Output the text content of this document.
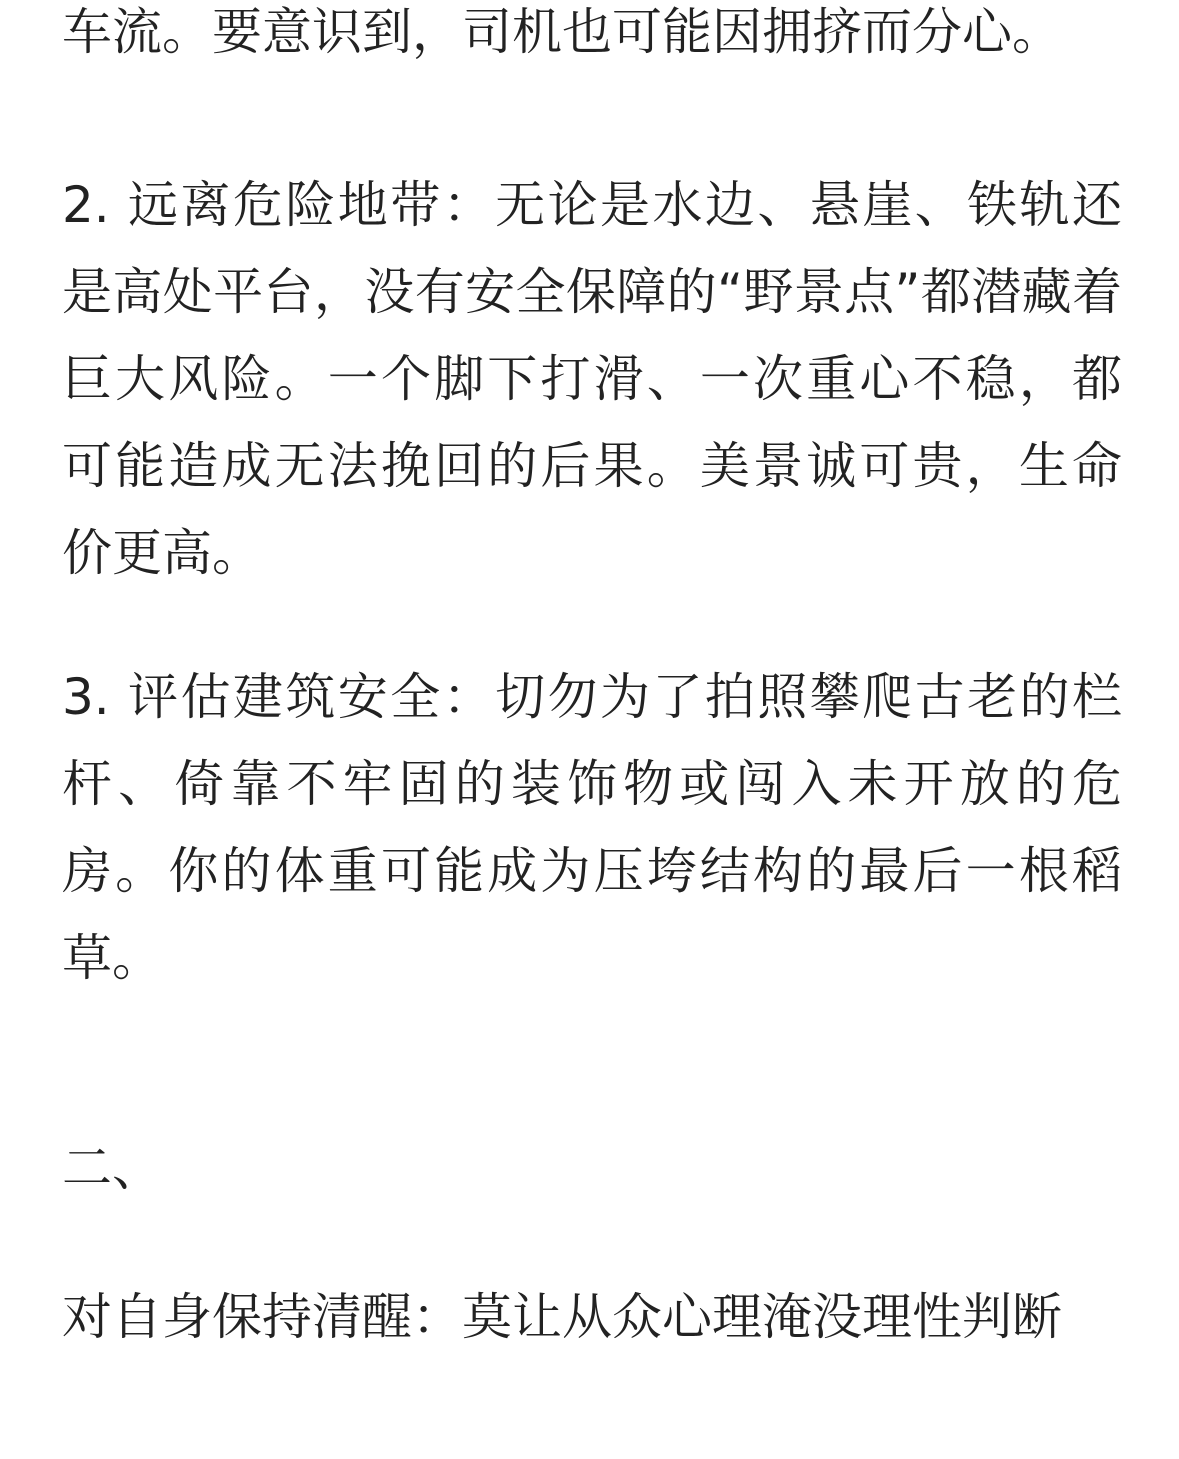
车流。要意识到，司机也可能因拥挤而分心。
2. 远离危险地带：无论是水边、悬崖、铁轨还
是高处平台，没有安全保障的“野景点”都潜藏着
巨大风险。一个脚下打滑、一次重心不稳，都
可能造成无法挽回的后果。美景诚可贵，生命
价更高。
3. 评估建筑安全：切勿为了拍照攀爬古老的栏
杆、倚靠不牢固的装饰物或闯入未开放的危
房。你的体重可能成为压垮结构的最后一根稻
草。
二、
对自身保持清醒：莫让从众心理淹没理性判断
